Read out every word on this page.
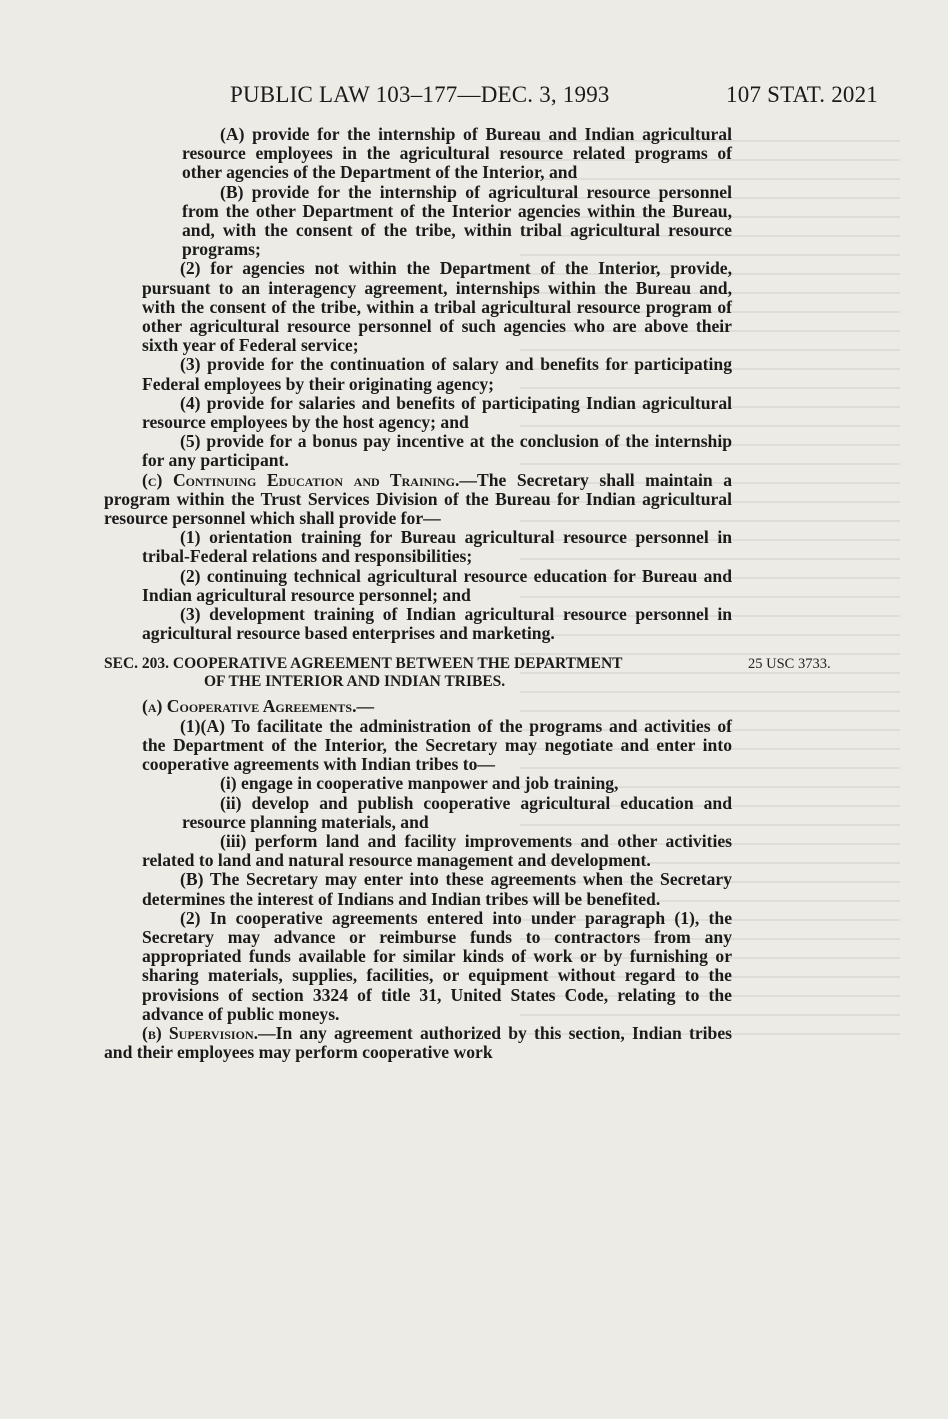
PUBLIC LAW 103–177—DEC. 3, 1993	107 STAT. 2021

(A) provide for the internship of Bureau and Indian agricultural resource employees in the agricultural resource related programs of other agencies of the Department of the Interior, and

(B) provide for the internship of agricultural resource personnel from the other Department of the Interior agencies within the Bureau, and, with the consent of the tribe, within tribal agricultural resource programs;

(2) for agencies not within the Department of the Interior, provide, pursuant to an interagency agreement, internships within the Bureau and, with the consent of the tribe, within a tribal agricultural resource program of other agricultural resource personnel of such agencies who are above their sixth year of Federal service;

(3) provide for the continuation of salary and benefits for participating Federal employees by their originating agency;

(4) provide for salaries and benefits of participating Indian agricultural resource employees by the host agency; and

(5) provide for a bonus pay incentive at the conclusion of the internship for any participant.

(c) Continuing Education and Training.—The Secretary shall maintain a program within the Trust Services Division of the Bureau for Indian agricultural resource personnel which shall provide for—

(1) orientation training for Bureau agricultural resource personnel in tribal-Federal relations and responsibilities;

(2) continuing technical agricultural resource education for Bureau and Indian agricultural resource personnel; and

(3) development training of Indian agricultural resource personnel in agricultural resource based enterprises and marketing.

SEC. 203. COOPERATIVE AGREEMENT BETWEEN THE DEPARTMENT
OF THE INTERIOR AND INDIAN TRIBES.
25 USC 3733.

(a) Cooperative Agreements.—

(1)(A) To facilitate the administration of the programs and activities of the Department of the Interior, the Secretary may negotiate and enter into cooperative agreements with Indian tribes to—

(i) engage in cooperative manpower and job training,

(ii) develop and publish cooperative agricultural education and resource planning materials, and

(iii) perform land and facility improvements and other activities related to land and natural resource management and development.

(B) The Secretary may enter into these agreements when the Secretary determines the interest of Indians and Indian tribes will be benefited.

(2) In cooperative agreements entered into under paragraph (1), the Secretary may advance or reimburse funds to contractors from any appropriated funds available for similar kinds of work or by furnishing or sharing materials, supplies, facilities, or equipment without regard to the provisions of section 3324 of title 31, United States Code, relating to the advance of public moneys.

(b) Supervision.—In any agreement authorized by this section, Indian tribes and their employees may perform cooperative work
